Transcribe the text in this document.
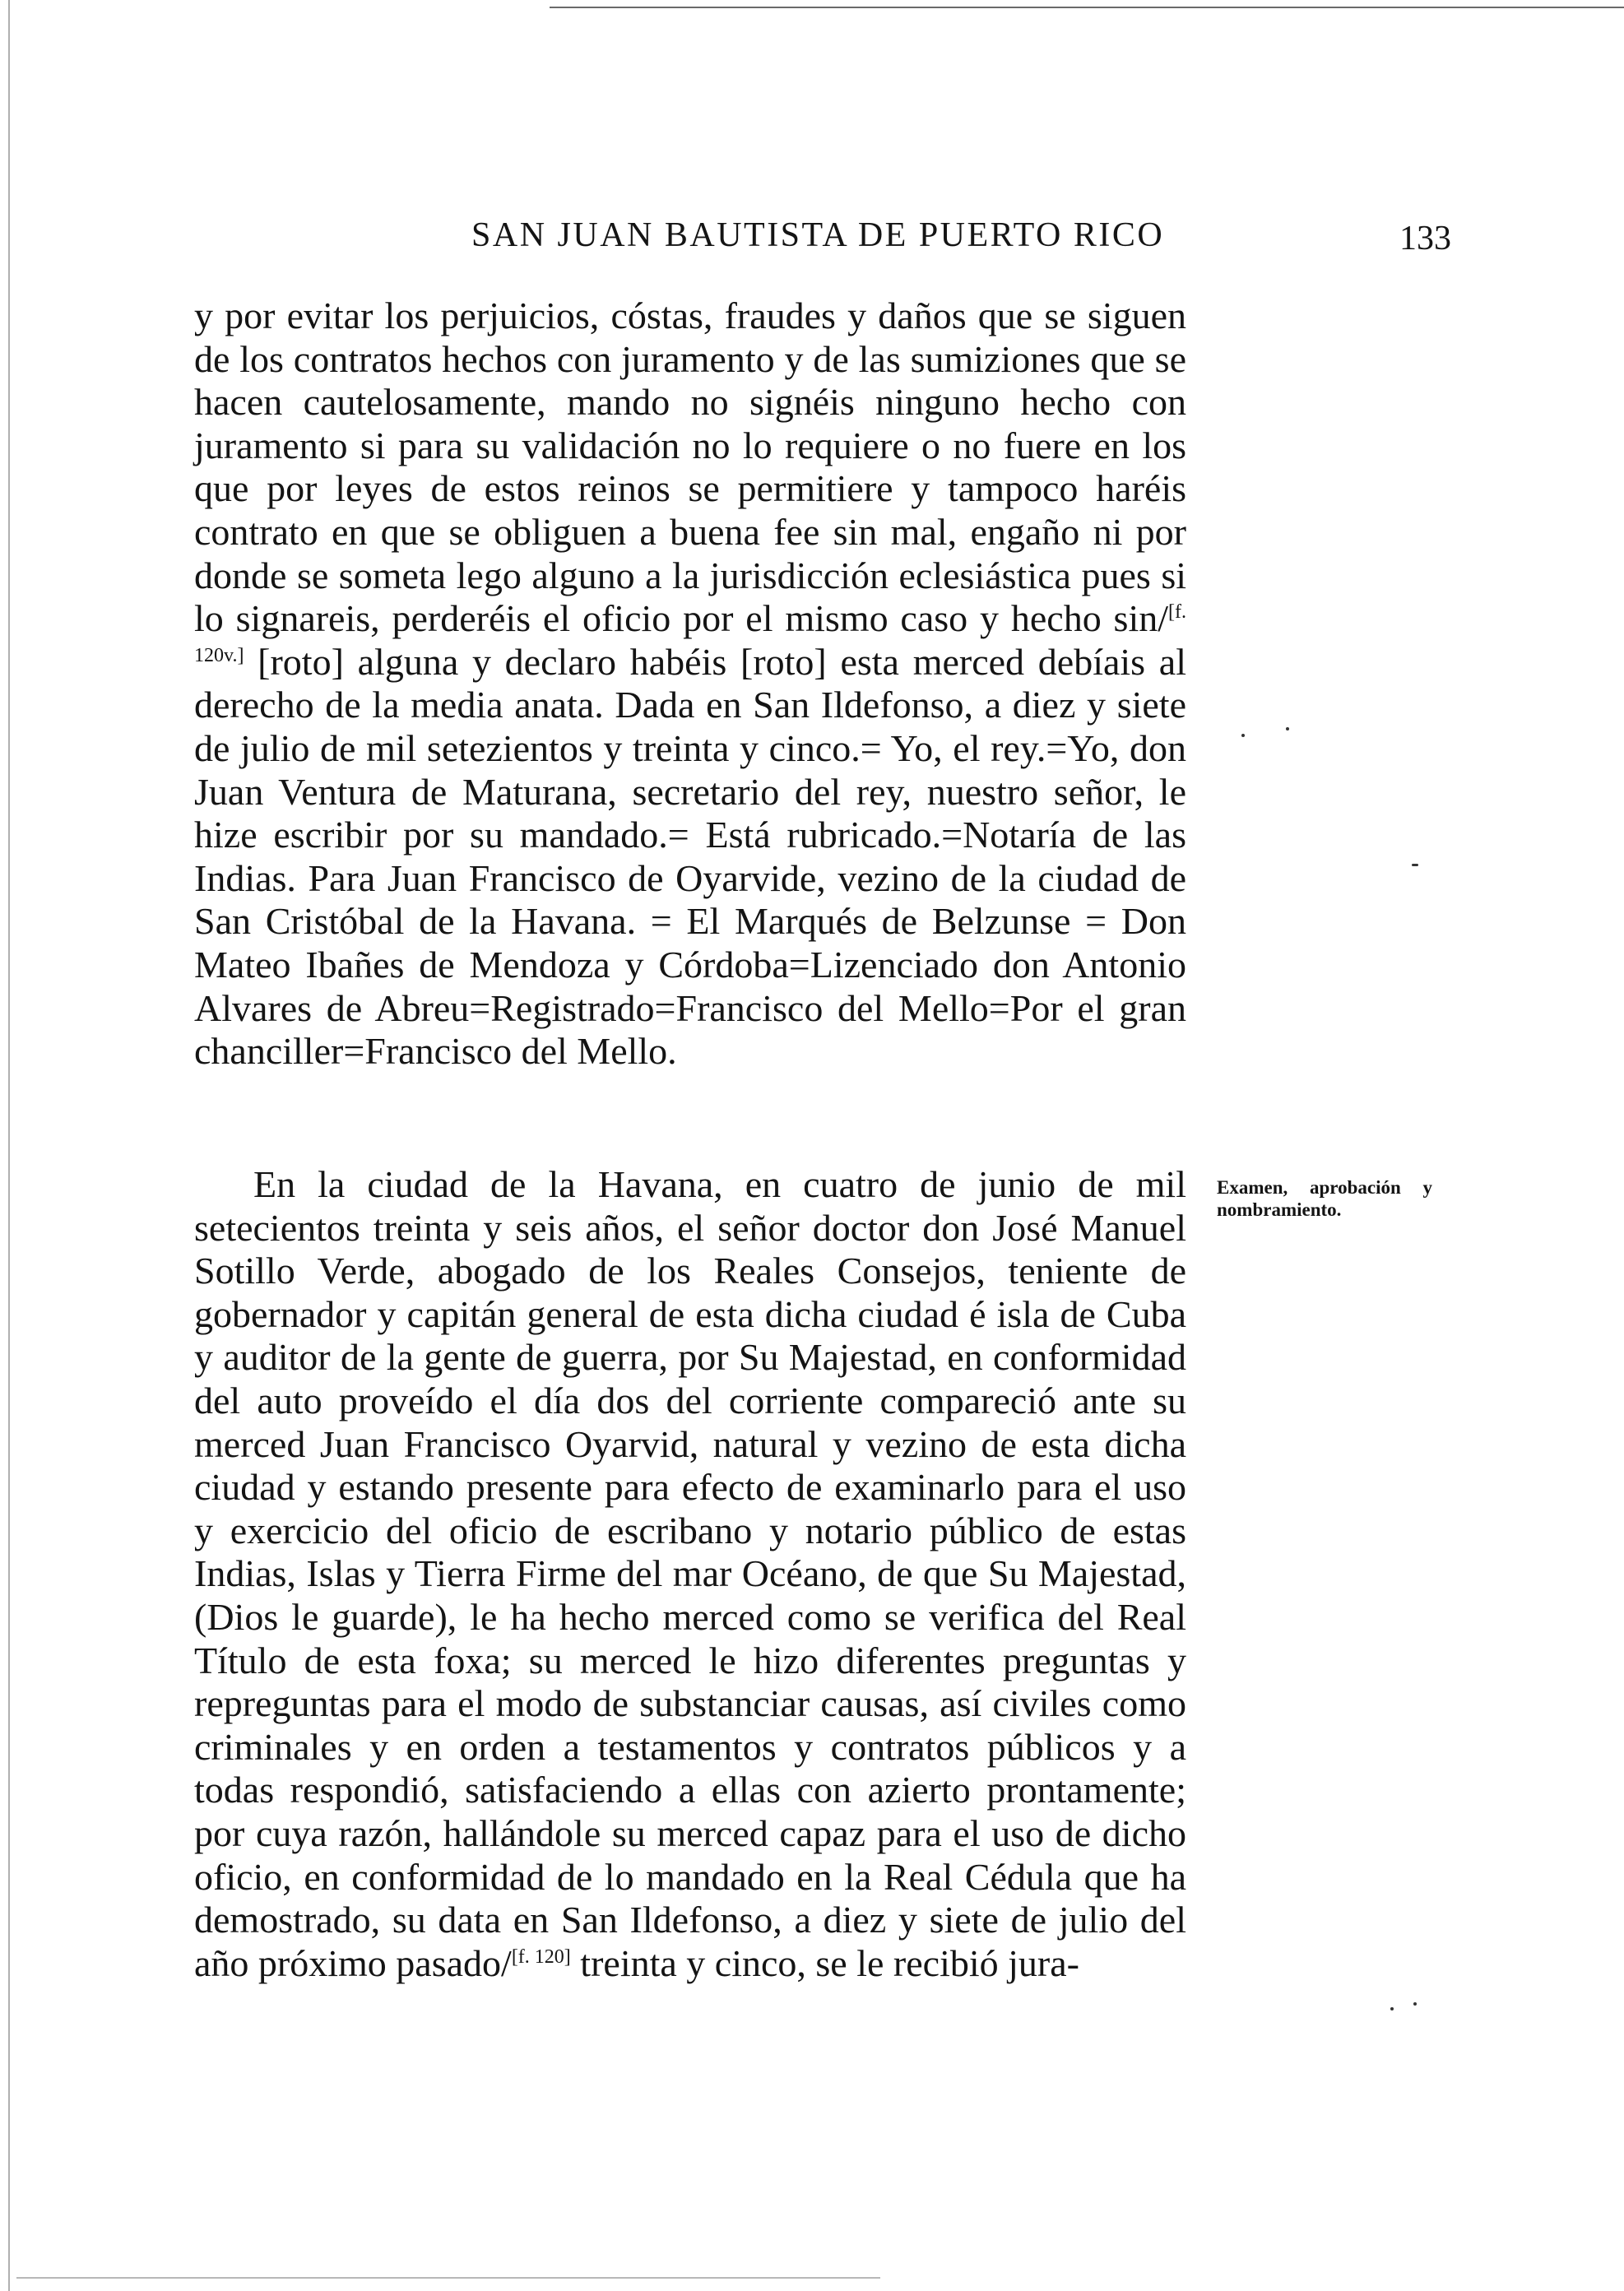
SAN JUAN BAUTISTA DE PUERTO RICO	133

y por evitar los perjuicios, cóstas, fraudes y daños que se siguen de los contratos hechos con juramento y de las sumiziones que se hacen cautelosamente, mando no signéis ninguno hecho con juramento si para su validación no lo requiere o no fuere en los que por leyes de estos reinos se permitiere y tampoco haréis contrato en que se obliguen a buena fee sin mal, engaño ni por donde se someta lego alguno a la jurisdicción eclesiástica pues si lo signareis, perderéis el oficio por el mismo caso y hecho sin/[f. 120v.] [roto] alguna y declaro habéis [roto] esta merced debíais al derecho de la media anata. Dada en San Ildefonso, a diez y siete de julio de mil setezientos y treinta y cinco.= Yo, el rey.=Yo, don Juan Ventura de Maturana, secretario del rey, nuestro señor, le hize escribir por su mandado.= Está rubricado.=Notaría de las Indias. Para Juan Francisco de Oyarvide, vezino de la ciudad de San Cristóbal de la Havana. = El Marqués de Belzunse = Don Mateo Ibañes de Mendoza y Córdoba=Lizenciado don Antonio Alvares de Abreu=Registrado=Francisco del Mello=Por el gran chanciller=Francisco del Mello.

En la ciudad de la Havana, en cuatro de junio de mil setecientos treinta y seis años, el señor doctor don José Manuel Sotillo Verde, abogado de los Reales Consejos, teniente de gobernador y capitán general de esta dicha ciudad é isla de Cuba y auditor de la gente de guerra, por Su Majestad, en conformidad del auto proveído el día dos del corriente compareció ante su merced Juan Francisco Oyarvid, natural y vezino de esta dicha ciudad y estando presente para efecto de examinarlo para el uso y exercicio del oficio de escribano y notario público de estas Indias, Islas y Tierra Firme del mar Océano, de que Su Majestad, (Dios le guarde), le ha hecho merced como se verifica del Real Título de esta foxa; su merced le hizo diferentes preguntas y repreguntas para el modo de substanciar causas, así civiles como criminales y en orden a testamentos y contratos públicos y a todas respondió, satisfaciendo a ellas con azierto prontamente; por cuya razón, hallándole su merced capaz para el uso de dicho oficio, en conformidad de lo mandado en la Real Cédula que ha demostrado, su data en San Ildefonso, a diez y siete de julio del año próximo pasado/[f. 120] treinta y cinco, se le recibió jura-

Examen, aprobación y nombramiento.
